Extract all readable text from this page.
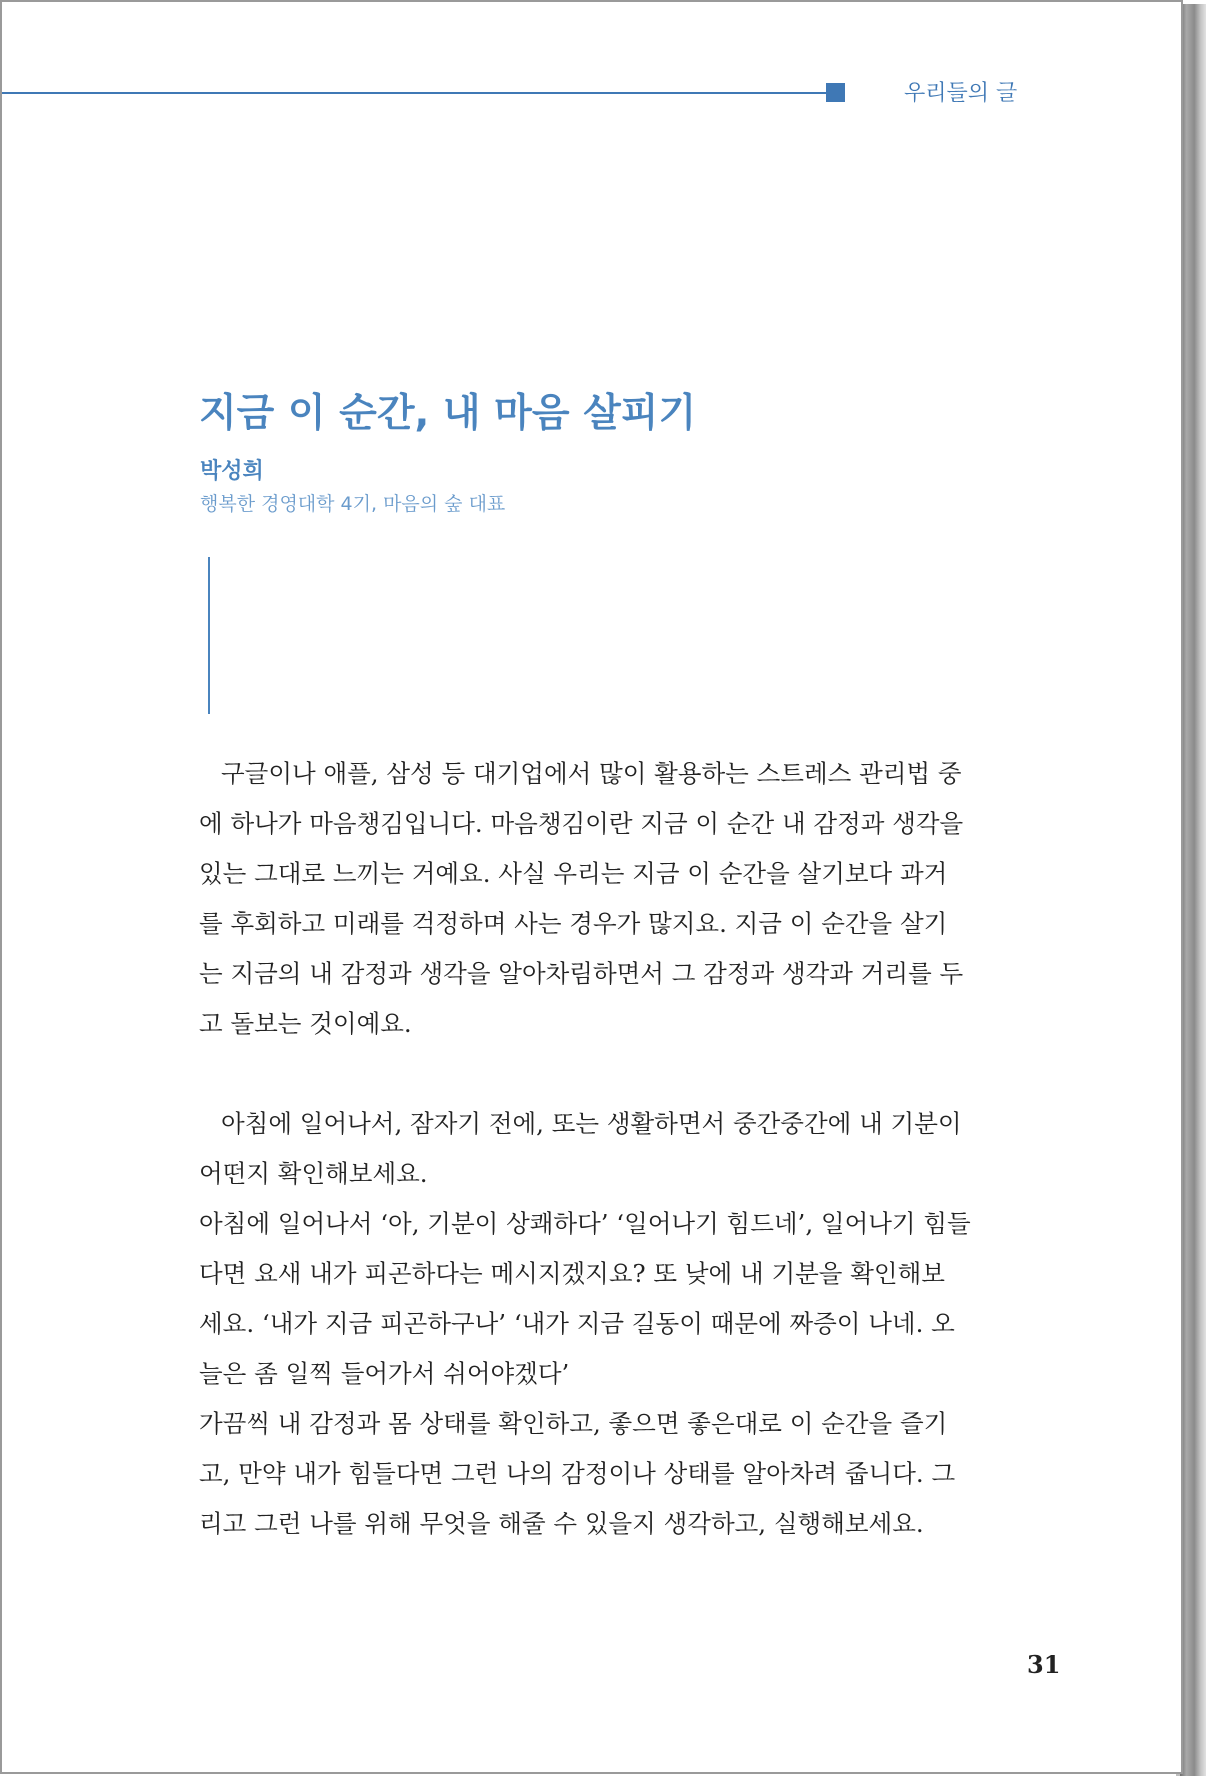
우리들의 글
지금 이 순간, 내 마음 살피기
박성희
행복한 경영대학 4기, 마음의 숲 대표
구글이나 애플, 삼성 등 대기업에서 많이 활용하는 스트레스 관리법 중
에 하나가 마음챙김입니다. 마음챙김이란 지금 이 순간 내 감정과 생각을
있는 그대로 느끼는 거예요. 사실 우리는 지금 이 순간을 살기보다 과거
를 후회하고 미래를 걱정하며 사는 경우가 많지요. 지금 이 순간을 살기
는 지금의 내 감정과 생각을 알아차림하면서 그 감정과 생각과 거리를 두
고 돌보는 것이예요.
아침에 일어나서, 잠자기 전에, 또는 생활하면서 중간중간에 내 기분이
어떤지 확인해보세요.
아침에 일어나서 ‘아, 기분이 상쾌하다’ ‘일어나기 힘드네’, 일어나기 힘들
다면 요새 내가 피곤하다는 메시지겠지요? 또 낮에 내 기분을 확인해보
세요. ‘내가 지금 피곤하구나’ ‘내가 지금 길동이 때문에 짜증이 나네. 오
늘은 좀 일찍 들어가서 쉬어야겠다’
가끔씩 내 감정과 몸 상태를 확인하고, 좋으면 좋은대로 이 순간을 즐기
고, 만약 내가 힘들다면 그런 나의 감정이나 상태를 알아차려 줍니다. 그
리고 그런 나를 위해 무엇을 해줄 수 있을지 생각하고, 실행해보세요.
31
